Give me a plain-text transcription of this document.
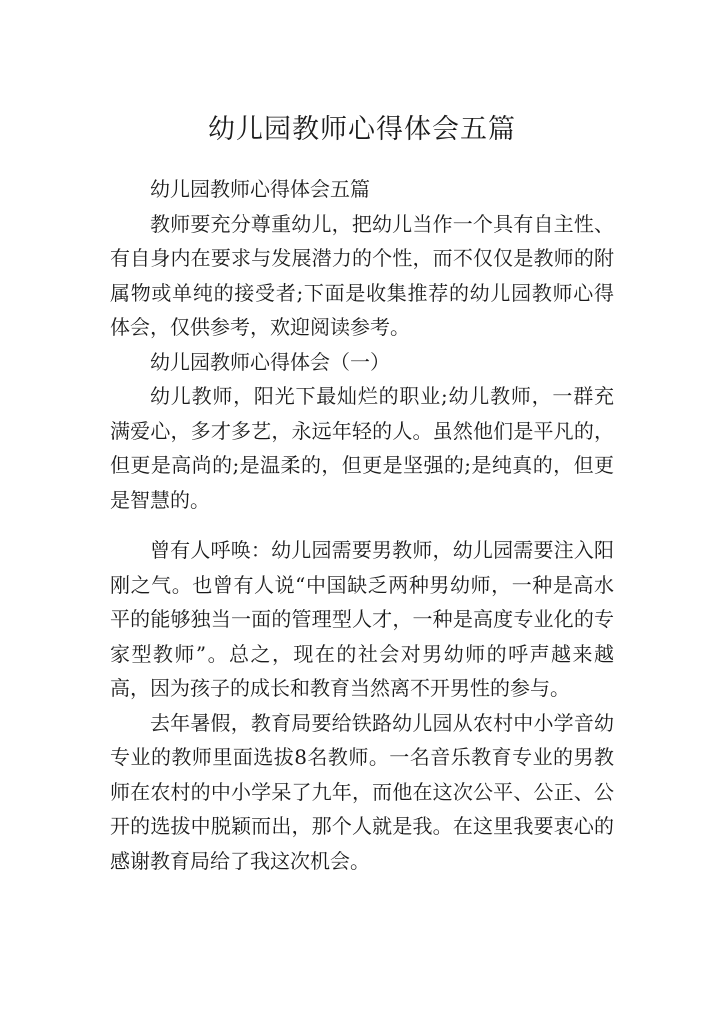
幼儿园教师心得体会五篇

幼儿园教师心得体会五篇

教师要充分尊重幼儿，把幼儿当作一个具有自主性、有自身内在要求与发展潜力的个性，而不仅仅是教师的附属物或单纯的接受者;下面是收集推荐的幼儿园教师心得体会，仅供参考，欢迎阅读参考。

幼儿园教师心得体会（一）

幼儿教师，阳光下最灿烂的职业;幼儿教师，一群充满爱心，多才多艺，永远年轻的人。虽然他们是平凡的，但更是高尚的;是温柔的，但更是坚强的;是纯真的，但更是智慧的。

曾有人呼唤：幼儿园需要男教师，幼儿园需要注入阳刚之气。也曾有人说“中国缺乏两种男幼师，一种是高水平的能够独当一面的管理型人才，一种是高度专业化的专家型教师”。总之，现在的社会对男幼师的呼声越来越高，因为孩子的成长和教育当然离不开男性的参与。

去年暑假，教育局要给铁路幼儿园从农村中小学音幼专业的教师里面选拔8名教师。一名音乐教育专业的男教师在农村的中小学呆了九年，而他在这次公平、公正、公开的选拔中脱颖而出，那个人就是我。在这里我要衷心的感谢教育局给了我这次机会。
